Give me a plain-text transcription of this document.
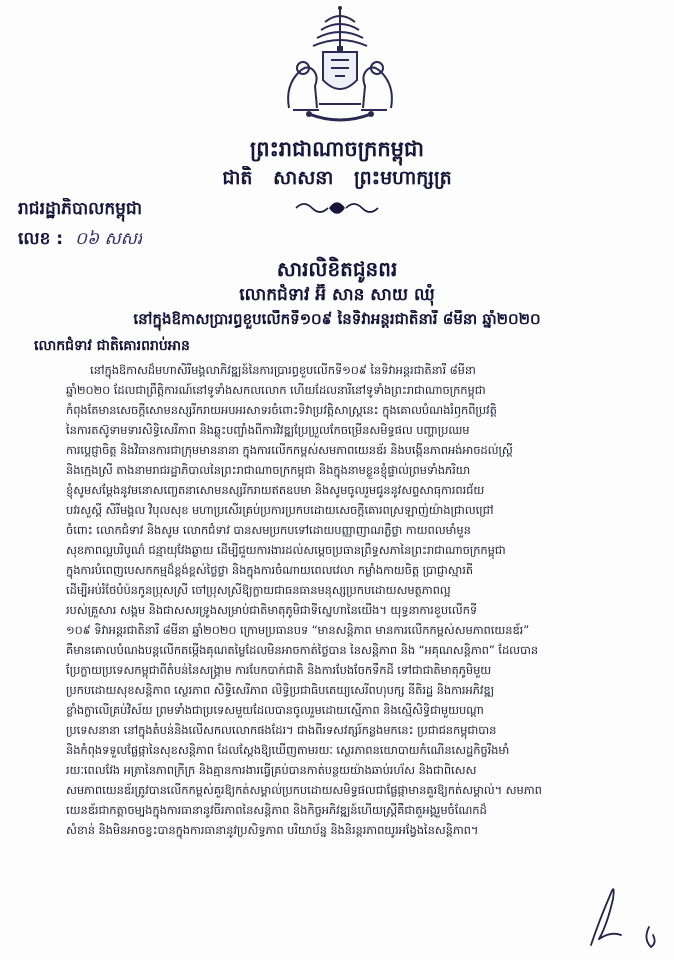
ព្រះរាជាណាចក្រកម្ពុជា
ជាតិ សាសនា ព្រះមហាក្សត្រ
រាជរដ្ឋាភិបាលកម្ពុជា
លេខ : ០៦ សសរ
សារលិខិតជូនពរ
លោកជំទាវ អ៊ឹ សាន សាយ ឈុំ
នៅក្នុងឱកាសប្រារព្ធខួបលើកទី១០៩ នៃទិវាអន្តរជាតិនារី ៨មីនា ឆ្នាំ២០២០
លោកជំទាវ ជាតិគោរពរាប់អាន
នៅក្នុងឱកាសដ៏មហាសិរីមង្គលាភិវឌ្ឍន៍នៃការប្រារព្ធខួបលើកទី១០៩ នៃទិវាអន្តរជាតិនារី ៨មីនា
ឆ្នាំ២០២០ ដែលជាព្រឹត្តិការណ៍នៅទូទាំងសកលលោក ហើយដែលនារីនៅទូទាំងព្រះរាជាណាចក្រកម្ពុជា
កំពុងតែមានសេចក្តីសោមនស្សរីករាយអបអរសាទរចំពោះទិវាប្រវត្តិសាស្ត្រនេះ ក្នុងគោលបំណងរំឭកពីប្រវត្តិ
នៃការតស៊ូទាមទារសិទ្ធិសេរីភាព និងឆ្លុះបញ្ចាំងពីការវិវឌ្ឍប្រែប្រួលកែចម្រើនសមិទ្ធផល បញ្ហាប្រឈម
ការប្តេជ្ញាចិត្ត និងវិធានការជាក្រុមមាននានា ក្នុងការលើកកម្ពស់សមភាពយេនឌ័រ និងបង្កើនភាពអង់អាចដល់ស្ត្រី
និងក្មេងស្រី តាងនាមរាជរដ្ឋាភិបាលនៃព្រះរាជាណាចក្រកម្ពុជា និងក្នុងនាមខ្លួនខ្ញុំផ្ទាល់ព្រមទាំងភរិយា
ខ្ញុំសូមសម្តែងនូវមនោសញ្ចេតនាសោមនស្សរីករាយឥតឧបមា និងសូមចូលរួមជូននូវសព្ទសាធុការពរជ័យ
បវរសួស្តី សិរីមង្គល វិបុលសុខ មហាប្រសើរគ្រប់ប្រការប្រកបដោយសេចក្តីគោរពស្រឡាញ់យ៉ាងជ្រាលជ្រៅ
ចំពោះ លោកជំទាវ និងសូម លោកជំទាវ បានសមប្រកបទៅដោយបញ្ញាញាណភ្លឺថ្លា កាយពលមាំមួន
សុខភាពល្អបរិបូណ៌ ជន្មាយុវែងឆ្ងាយ ដើម្បីជួយការងារដល់សម្តេចប្រធានព្រឹទ្ធសភានៃព្រះរាជាណាចក្រកម្ពុជា
ក្នុងការបំពេញបេសកកម្មដ៏ខ្ពង់ខ្ពស់ថ្លៃថ្លា និងក្នុងការចំណាយពេលវេលា កម្លាំងកាយចិត្ត ប្រាជ្ញាស្មារតី
ដើម្បីអប់រំថែបំប៉នកូនប្រុសស្រី ចៅប្រុសស្រីឱ្យក្លាយជាធនធានមនុស្សប្រកបដោយសមត្ថភាពល្អ
របស់គ្រួសារ សង្គម និងជាសសរទ្រូងសម្រាប់ជាតិមាតុភូមិជាទីស្នេហានៃយើង។ យុទ្ធនាការខួបលើកទី
១០៩ ទិវាអន្តរជាតិនារី ៨មីនា ឆ្នាំ២០២០ ក្រោមប្រធានបទ “មានសន្តិភាព មានការលើកកម្ពស់សមភាពយេនឌ័រ”
គឺមានគោលបំណងបន្តលើកតម្កើងគុណតម្លៃដែលមិនអាចកាត់ថ្លៃបាន នៃសន្តិភាព និង “អគុណសន្តិភាព” ដែលបាន
ប្រែក្លាយប្រទេសកម្ពុជាពីតំបន់នៃសង្គ្រាម ការបែកបាក់ជាតិ និងការបែងចែកទឹកដី ទៅជាជាតិមាតុភូមិមួយ
ប្រកបដោយសុខសន្តិភាព ស្ថេរភាព សិទ្ធិសេរីភាព លិទ្ធិប្រជាធិបតេយ្យសេរីពហុបក្ស នីតិរដ្ឋ និងការអភិវឌ្ឍ
ខ្លាំងក្លាលើគ្រប់វិស័យ ព្រមទាំងជាប្រទេសមួយដែលបានចូលរួមដោយស្មើភាព និងស្មើសិទ្ធិជាមួយបណ្តា
ប្រទេសនានា នៅក្នុងតំបន់និងលើសកលលោកផងដែរ។ ជាងពីរទសវត្សរ៍កន្លងមកនេះ ប្រជាជនកម្ពុជាបាន
និងកំពុងទទួលផ្លែផ្កានៃសុខសន្តិភាព ដែលស្តែងឱ្យឃើញតាមរយៈ ស្ថេរភាពនយោបាយកំណើនសេដ្ឋកិច្ចរឹងមាំ
រយៈពេលវែង អត្រានៃភាពក្រីក្រ និងគ្មានការងារធ្វើគ្រប់បានកាត់បន្ថយយ៉ាងឆាប់រហ័ស និងជាពិសេស
សមភាពយេនឌ័រត្រូវបានលើកកម្ពស់គួរឱ្យកត់សម្គាល់ប្រកបដោយសមិទ្ធផលជាផ្លែផ្កាមានគួរឱ្យកត់សម្គាល់។ សមភាព
យេនឌ័រជាកត្តាចម្បងក្នុងការធានានូវចីរភាពនៃសន្តិភាព និងកិច្ចអភិវឌ្ឍន៍ហើយស្ត្រីគឺជាតួអង្គរួមចំណែកដ៏
សំខាន់ និងមិនអាចខ្វះបានក្នុងការធានានូវប្រសិទ្ធភាព បរិយាប័ន្ន និងនិរន្តរភាពយូរអង្វែងនៃសន្តិភាព។
